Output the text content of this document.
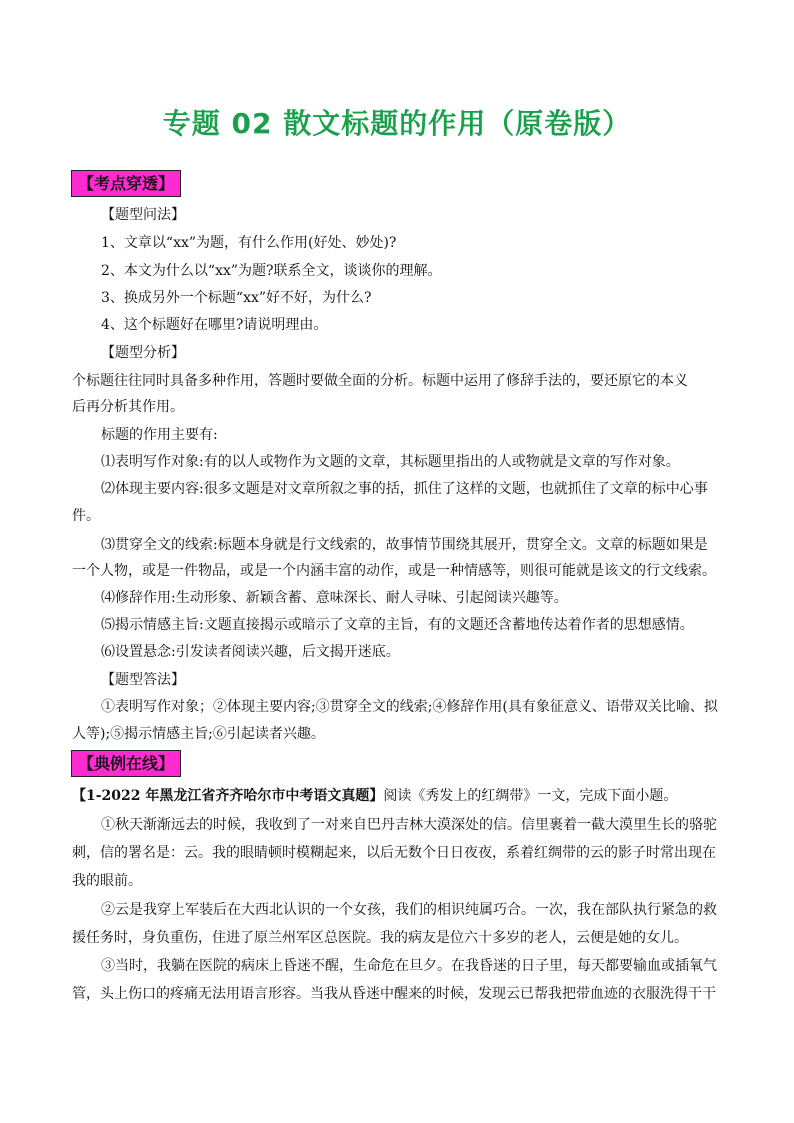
专题 02 散文标题的作用（原卷版）
【考点穿透】
【题型问法】
1、文章以“xx”为题，有什么作用(好处、妙处)?
2、本文为什么以“xx”为题?联系全文，谈谈你的理解。
3、换成另外一个标题“xx”好不好，为什么?
4、这个标题好在哪里?请说明理由。
【题型分析】
个标题往往同时具备多种作用，答题时要做全面的分析。标题中运用了修辞手法的，要还原它的本义
后再分析其作用。
标题的作用主要有:
⑴表明写作对象:有的以人或物作为文题的文章，其标题里指出的人或物就是文章的写作对象。
⑵体现主要内容:很多文题是对文章所叙之事的括，抓住了这样的文题，也就抓住了文章的标中心事
件。
⑶贯穿全文的线索:标题本身就是行文线索的，故事情节围绕其展开，贯穿全文。文章的标题如果是
一个人物，或是一件物品，或是一个内涵丰富的动作，或是一种情感等，则很可能就是该文的行文线索。
⑷修辞作用:生动形象、新颖含蓄、意味深长、耐人寻味、引起阅读兴趣等。
⑸揭示情感主旨:文题直接揭示或暗示了文章的主旨，有的文题还含蓄地传达着作者的思想感情。
⑹设置悬念:引发读者阅读兴趣，后文揭开迷底。
【题型答法】
①表明写作对象；②体现主要内容;③贯穿全文的线索;④修辞作用(具有象征意义、语带双关比喻、拟
人等);⑤揭示情感主旨;⑥引起读者兴趣。
【典例在线】
【1-2022 年黑龙江省齐齐哈尔市中考语文真题】阅读《秀发上的红绸带》一文，完成下面小题。
①秋天渐渐远去的时候，我收到了一对来自巴丹吉林大漠深处的信。信里裹着一截大漠里生长的骆驼
刺，信的署名是：云。我的眼睛顿时模糊起来，以后无数个日日夜夜，系着红绸带的云的影子时常出现在
我的眼前。
②云是我穿上军装后在大西北认识的一个女孩，我们的相识纯属巧合。一次，我在部队执行紧急的救
援任务时，身负重伤，住进了原兰州军区总医院。我的病友是位六十多岁的老人，云便是她的女儿。
③当时，我躺在医院的病床上昏迷不醒，生命危在旦夕。在我昏迷的日子里，每天都要输血或插氧气
管，头上伤口的疼痛无法用语言形容。当我从昏迷中醒来的时候，发现云已帮我把带血迹的衣服洗得干干
